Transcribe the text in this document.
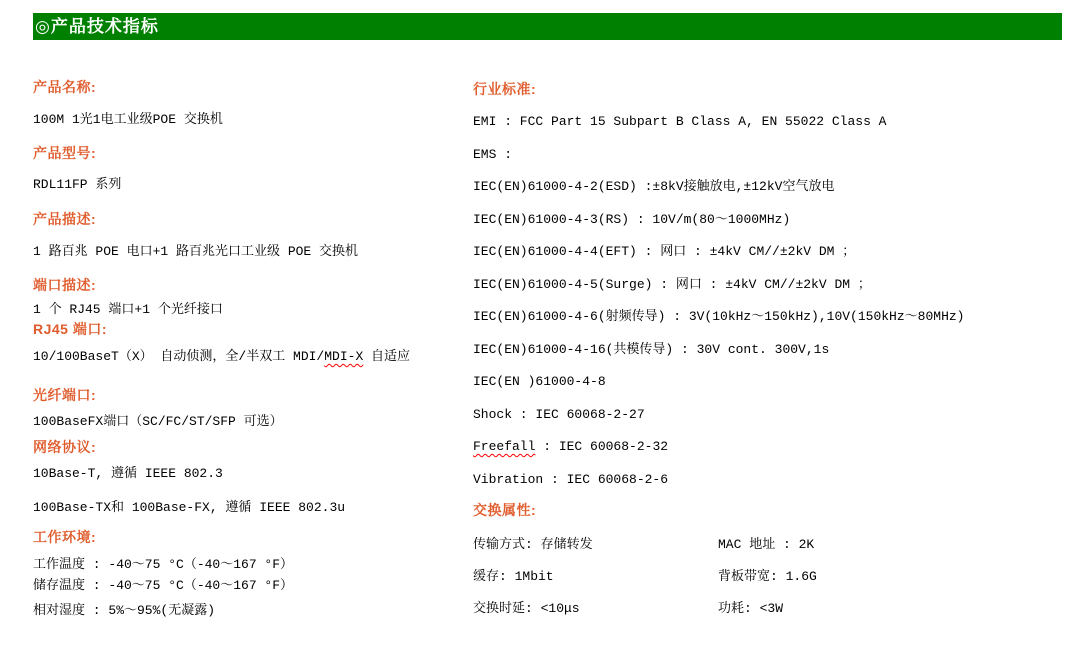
◎产品技术指标
产品名称:
100M 1光1电工业级POE 交换机
产品型号:
RDL11FP 系列
产品描述:
1 路百兆 POE 电口+1 路百兆光口工业级 POE 交换机
端口描述:
1 个 RJ45 端口+1 个光纤接口
RJ45 端口:
10/100BaseT（X） 自动侦测，全/半双工 MDI/MDI-X 自适应
光纤端口:
100BaseFX端口（SC/FC/ST/SFP 可选）
网络协议:
10Base-T, 遵循 IEEE 802.3
100Base-TX和 100Base-FX, 遵循 IEEE 802.3u
工作环境:
工作温度 : -40～75 °C（-40～167 °F）
储存温度 : -40～75 °C（-40～167 °F）
相对湿度 : 5%～95%(无凝露)
行业标准:
EMI : FCC Part 15 Subpart B Class A, EN 55022 Class A
EMS :
IEC(EN)61000-4-2(ESD) :±8kV接触放电,±12kV空气放电
IEC(EN)61000-4-3(RS) : 10V/m(80～1000MHz)
IEC(EN)61000-4-4(EFT) : 网口 : ±4kV CM//±2kV DM ；
IEC(EN)61000-4-5(Surge) : 网口 : ±4kV CM//±2kV DM ；
IEC(EN)61000-4-6(射频传导) : 3V(10kHz～150kHz),10V(150kHz～80MHz)
IEC(EN)61000-4-16(共模传导) : 30V cont. 300V,1s
IEC(EN )61000-4-8
Shock : IEC 60068-2-27
Freefall : IEC 60068-2-32
Vibration : IEC 60068-2-6
交换属性:
传输方式: 存储转发	MAC 地址 : 2K
缓存: 1Mbit	背板带宽: 1.6G
交换时延: <10μs	功耗: <3W
